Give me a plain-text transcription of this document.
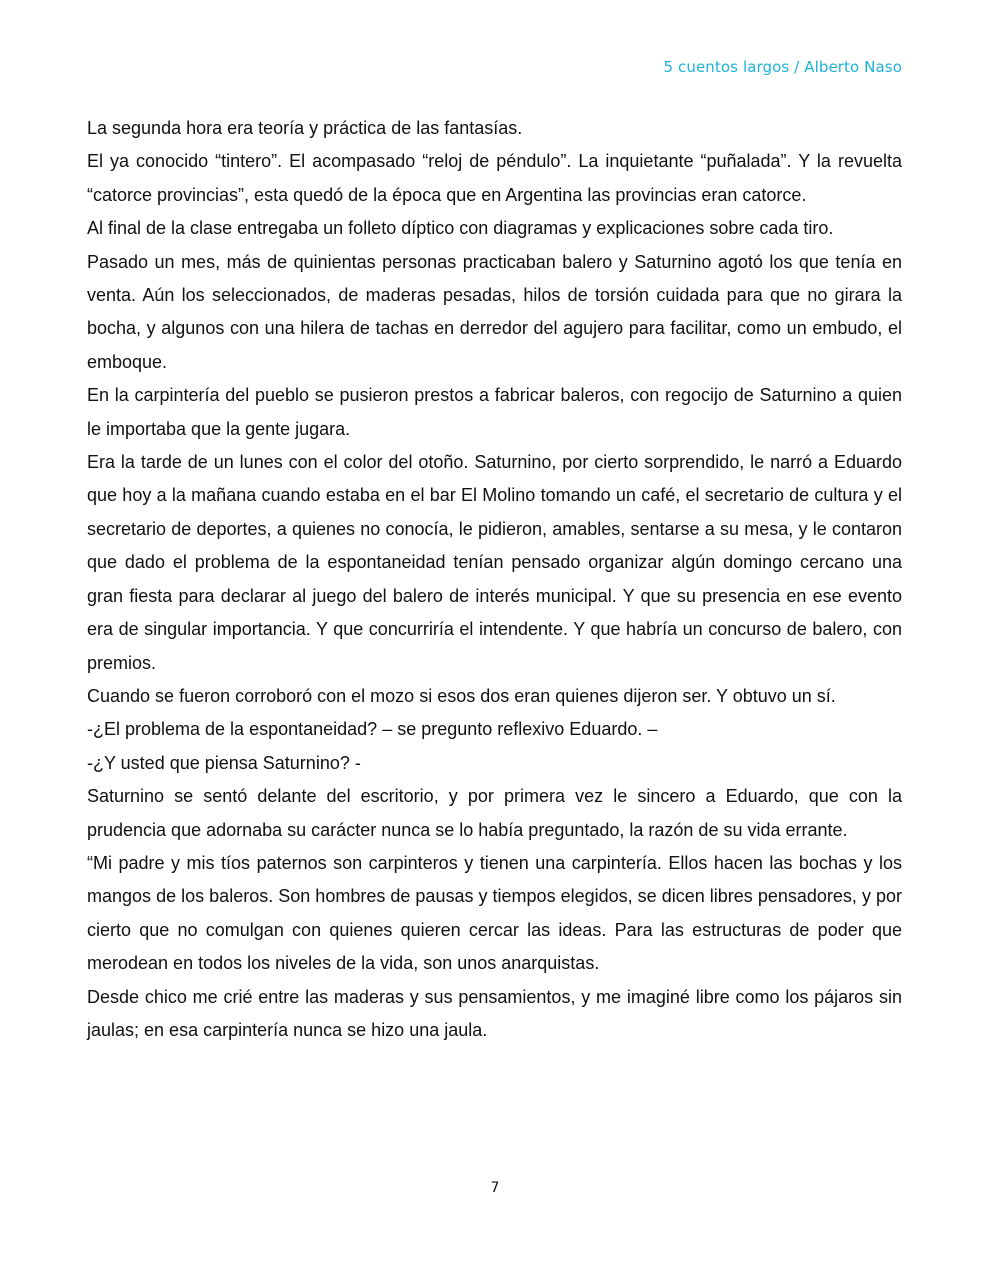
5 cuentos largos / Alberto Naso

La segunda hora era teoría y práctica de las fantasías.

El ya conocido “tintero”. El acompasado “reloj de péndulo”. La inquietante “puñalada”. Y la revuelta “catorce provincias”, esta quedó de la época que en Argentina las provincias eran catorce.

Al final de la clase entregaba un folleto díptico con diagramas y explicaciones sobre cada tiro.

Pasado un mes, más de quinientas personas practicaban balero y Saturnino agotó los que tenía en venta. Aún los seleccionados, de maderas pesadas, hilos de torsión cuidada para que no girara la bocha, y algunos con una hilera de tachas en derredor del agujero para facilitar, como un embudo, el emboque.

En la carpintería del pueblo se pusieron prestos a fabricar baleros, con regocijo de Saturnino a quien le importaba que la gente jugara.

Era la tarde de un lunes con el color del otoño. Saturnino, por cierto sorprendido, le narró a Eduardo que hoy a la mañana cuando estaba en el bar El Molino tomando un café, el secretario de cultura y el secretario de deportes, a quienes no conocía, le pidieron, amables, sentarse a su mesa, y le contaron que dado el problema de la espontaneidad tenían pensado organizar algún domingo cercano una gran fiesta para declarar al juego del balero de interés municipal. Y que su presencia en ese evento era de singular importancia. Y que concurriría el intendente. Y que habría un concurso de balero, con premios.

Cuando se fueron corroboró con el mozo si esos dos eran quienes dijeron ser. Y obtuvo un sí.

-¿El problema de la espontaneidad? – se pregunto reflexivo Eduardo. –

-¿Y usted que piensa Saturnino? -

Saturnino se sentó delante del escritorio, y por primera vez le sincero a Eduardo, que con la prudencia que adornaba su carácter nunca se lo había preguntado, la razón de su vida errante.

“Mi padre y mis tíos paternos son carpinteros y tienen una carpintería. Ellos hacen las bochas y los mangos de los baleros. Son hombres de pausas y tiempos elegidos, se dicen libres pensadores, y por cierto que no comulgan con quienes quieren cercar las ideas. Para las estructuras de poder que merodean en todos los niveles de la vida, son unos anarquistas.

Desde chico me crié entre las maderas y sus pensamientos, y me imaginé libre como los pájaros sin jaulas; en esa carpintería nunca se hizo una jaula.

7
